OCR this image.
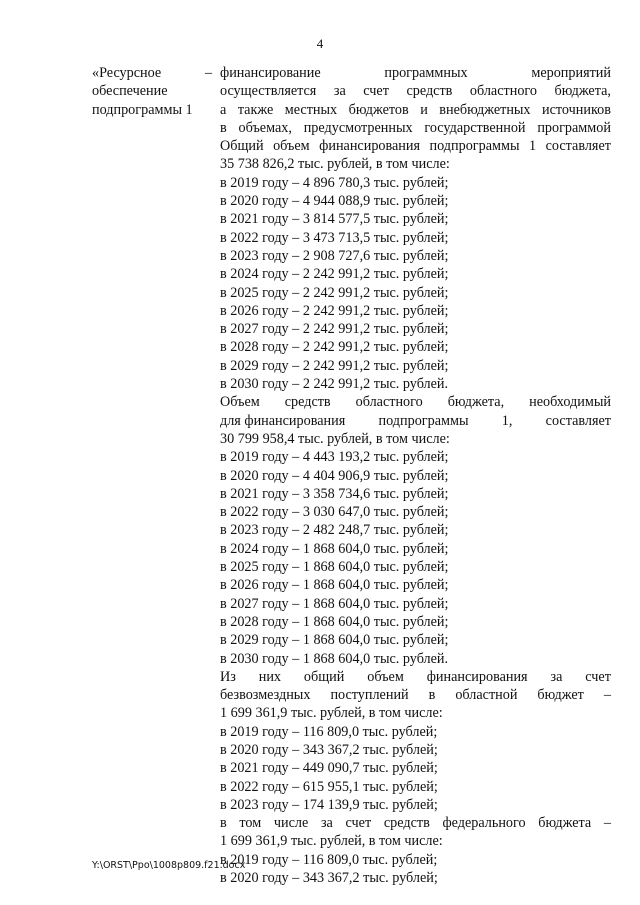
4
«Ресурсное
обеспечение
подпрограммы 1
– финансирование	программных	мероприятий
осуществляется за счет средств областного бюджета,
а также местных бюджетов и внебюджетных источников
в объемах, предусмотренных государственной программой
Общий объем финансирования подпрограммы 1 составляет
35 738 826,2 тыс. рублей, в том числе:
в 2019 году – 4 896 780,3 тыс. рублей;
в 2020 году – 4 944 088,9 тыс. рублей;
в 2021 году – 3 814 577,5 тыс. рублей;
в 2022 году – 3 473 713,5 тыс. рублей;
в 2023 году – 2 908 727,6 тыс. рублей;
в 2024 году – 2 242 991,2 тыс. рублей;
в 2025 году – 2 242 991,2 тыс. рублей;
в 2026 году – 2 242 991,2 тыс. рублей;
в 2027 году – 2 242 991,2 тыс. рублей;
в 2028 году – 2 242 991,2 тыс. рублей;
в 2029 году – 2 242 991,2 тыс. рублей;
в 2030 году – 2 242 991,2 тыс. рублей.
Объем средств областного бюджета, необходимый
для финансирования подпрограммы 1, составляет
30 799 958,4 тыс. рублей, в том числе:
в 2019 году – 4 443 193,2 тыс. рублей;
в 2020 году – 4 404 906,9 тыс. рублей;
в 2021 году – 3 358 734,6 тыс. рублей;
в 2022 году – 3 030 647,0 тыс. рублей;
в 2023 году – 2 482 248,7 тыс. рублей;
в 2024 году – 1 868 604,0 тыс. рублей;
в 2025 году – 1 868 604,0 тыс. рублей;
в 2026 году – 1 868 604,0 тыс. рублей;
в 2027 году – 1 868 604,0 тыс. рублей;
в 2028 году – 1 868 604,0 тыс. рублей;
в 2029 году – 1 868 604,0 тыс. рублей;
в 2030 году – 1 868 604,0 тыс. рублей.
Из них общий объем финансирования за счет
безвозмездных поступлений в областной бюджет –
1 699 361,9 тыс. рублей, в том числе:
в 2019 году – 116 809,0 тыс. рублей;
в 2020 году – 343 367,2 тыс. рублей;
в 2021 году – 449 090,7 тыс. рублей;
в 2022 году – 615 955,1 тыс. рублей;
в 2023 году – 174 139,9 тыс. рублей;
в том числе за счет средств федерального бюджета –
1 699 361,9 тыс. рублей, в том числе:
в 2019 году – 116 809,0 тыс. рублей;
в 2020 году – 343 367,2 тыс. рублей;
Y:\ORST\Ppo\1008p809.f21.docx
